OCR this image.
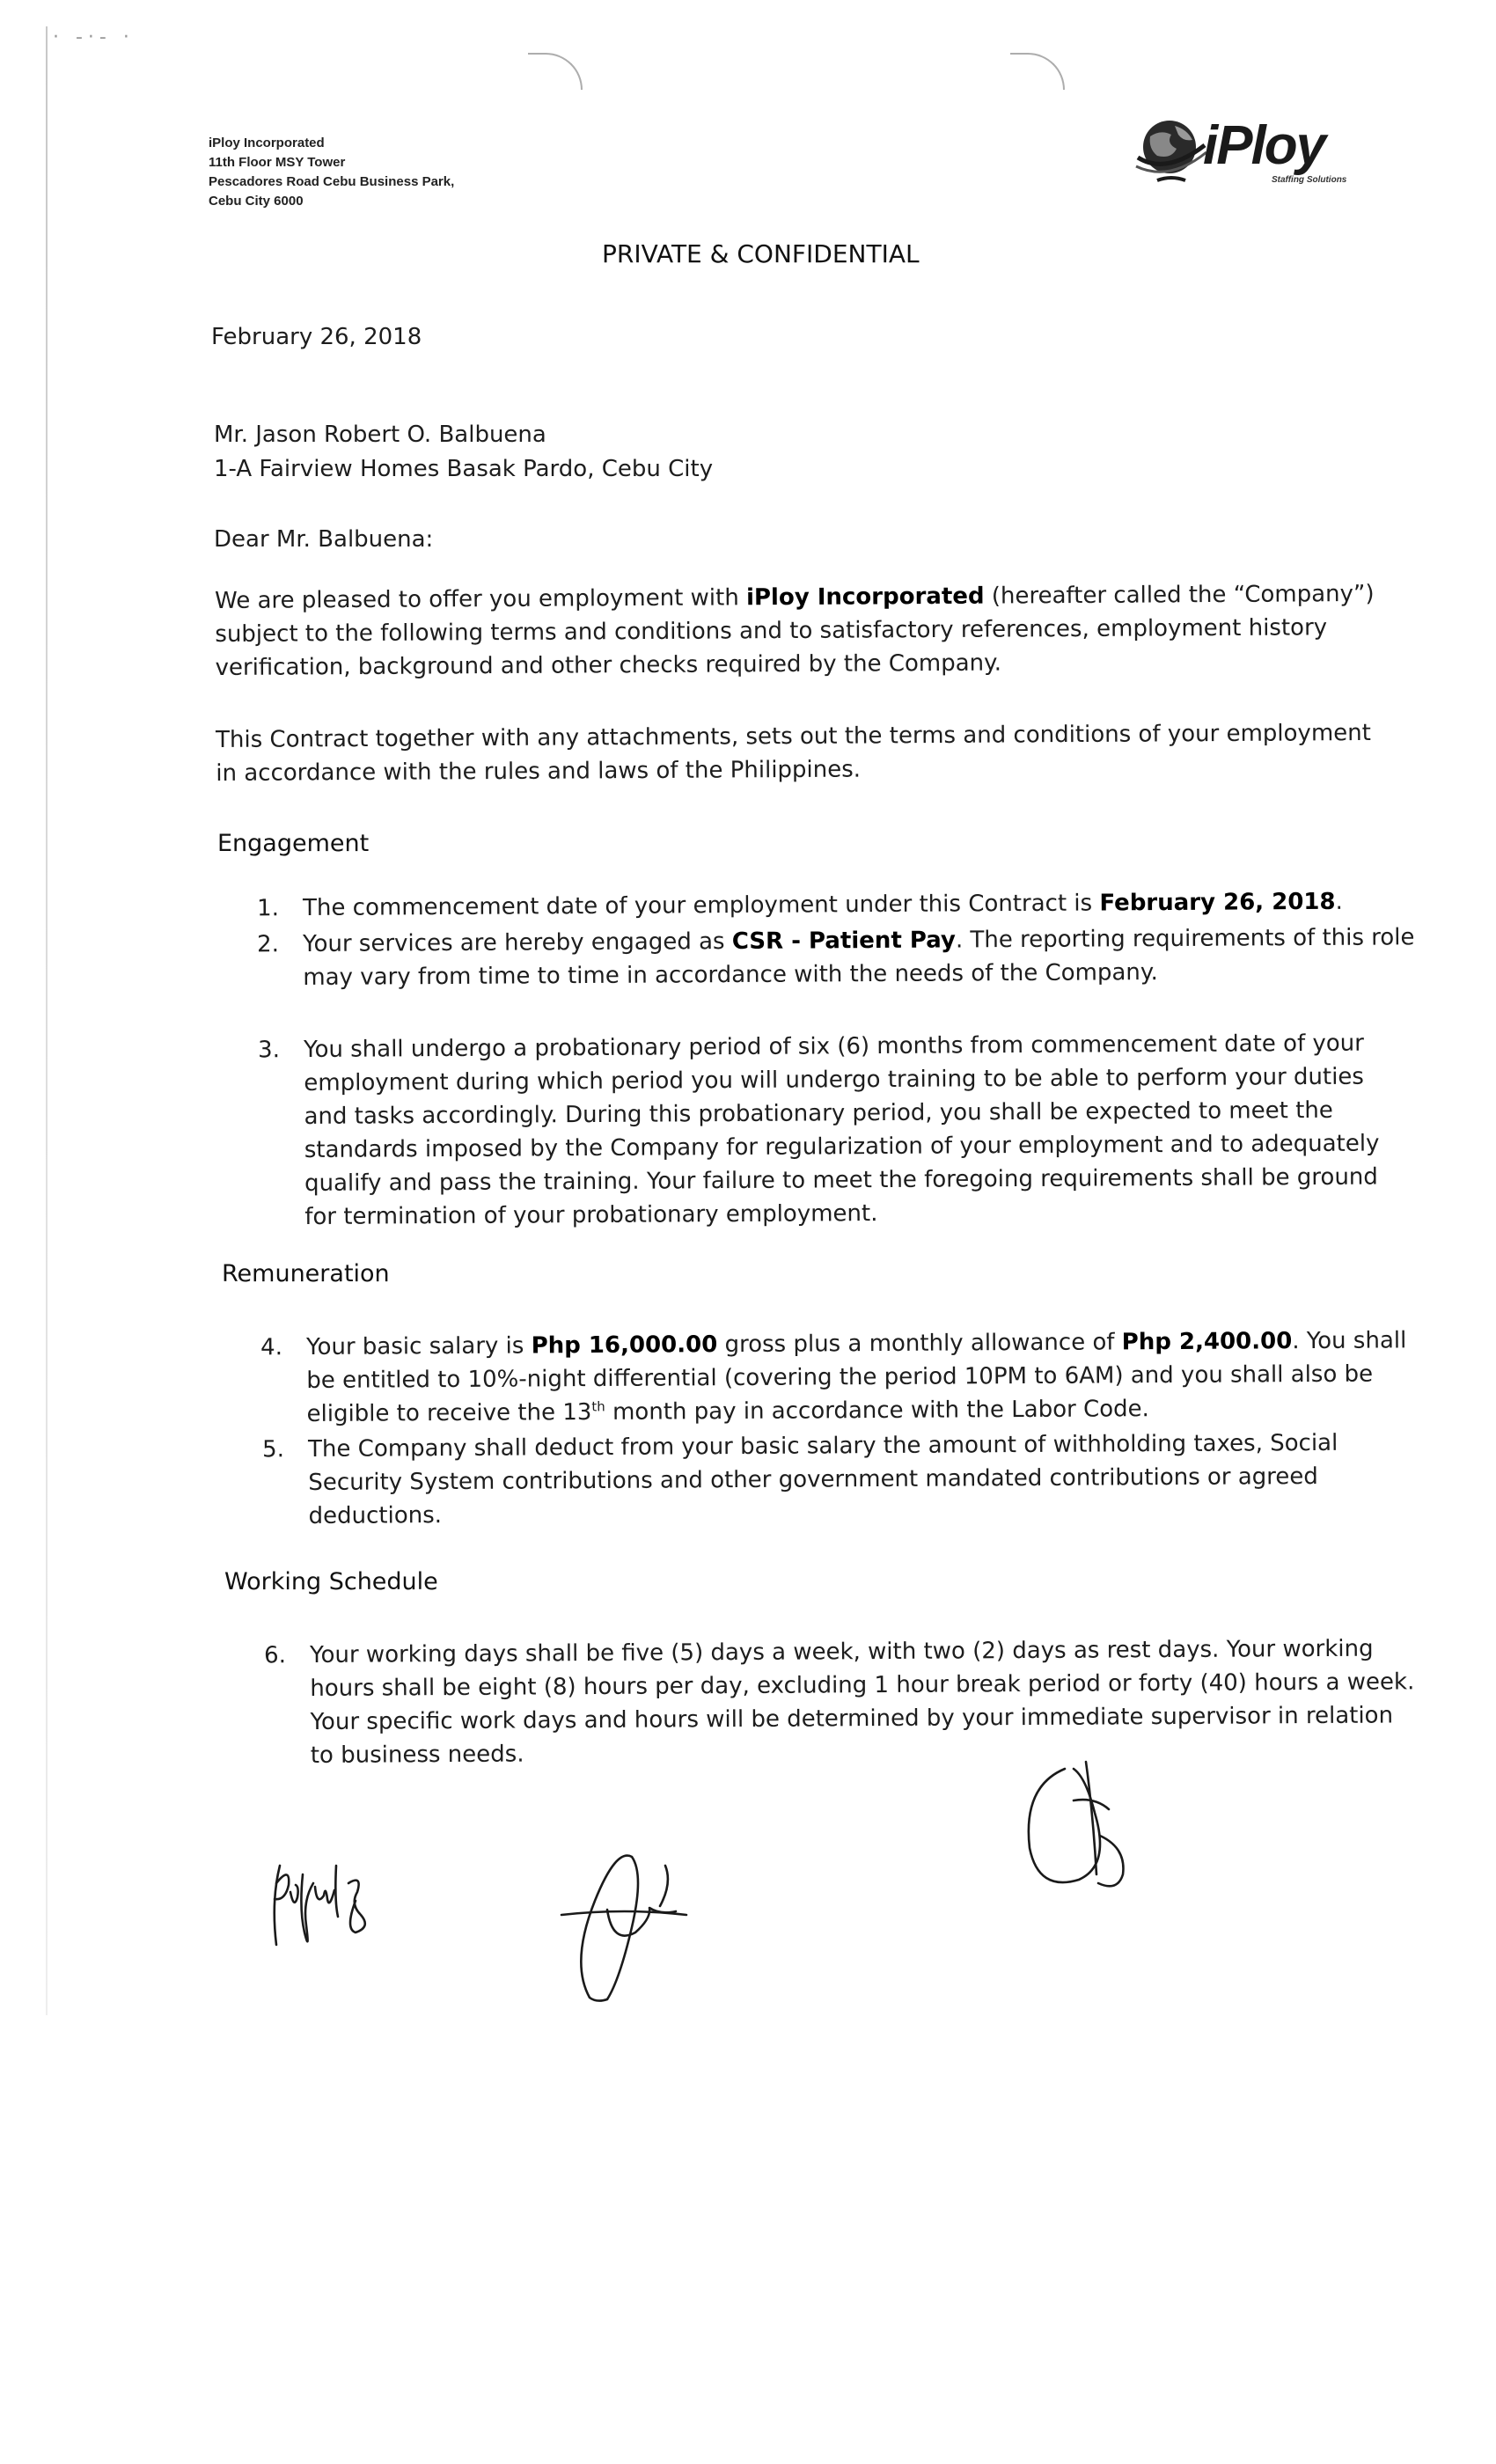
· -·- ·
iPloy Incorporated
11th Floor MSY Tower
Pescadores Road Cebu Business Park,
Cebu City 6000
iPloy
Staffing Solutions
PRIVATE & CONFIDENTIAL
February 26, 2018
Mr. Jason Robert O. Balbuena
1-A Fairview Homes Basak Pardo, Cebu City
Dear Mr. Balbuena:
We are pleased to offer you employment with iPloy Incorporated (hereafter called the “Company”)
subject to the following terms and conditions and to satisfactory references, employment history
verification, background and other checks required by the Company.
This Contract together with any attachments, sets out the terms and conditions of your employment
in accordance with the rules and laws of the Philippines.
Engagement
1.	The commencement date of your employment under this Contract is February 26, 2018.
2.	Your services are hereby engaged as CSR - Patient Pay. The reporting requirements of this role
may vary from time to time in accordance with the needs of the Company.
3.	You shall undergo a probationary period of six (6) months from commencement date of your
employment during which period you will undergo training to be able to perform your duties
and tasks accordingly. During this probationary period, you shall be expected to meet the
standards imposed by the Company for regularization of your employment and to adequately
qualify and pass the training. Your failure to meet the foregoing requirements shall be ground
for termination of your probationary employment.
Remuneration
4.	Your basic salary is Php 16,000.00 gross plus a monthly allowance of Php 2,400.00. You shall
be entitled to 10%-night differential (covering the period 10PM to 6AM) and you shall also be
eligible to receive the 13th month pay in accordance with the Labor Code.
5.	The Company shall deduct from your basic salary the amount of withholding taxes, Social
Security System contributions and other government mandated contributions or agreed
deductions.
Working Schedule
6.	Your working days shall be five (5) days a week, with two (2) days as rest days. Your working
hours shall be eight (8) hours per day, excluding 1 hour break period or forty (40) hours a week.
Your specific work days and hours will be determined by your immediate supervisor in relation
to business needs.
